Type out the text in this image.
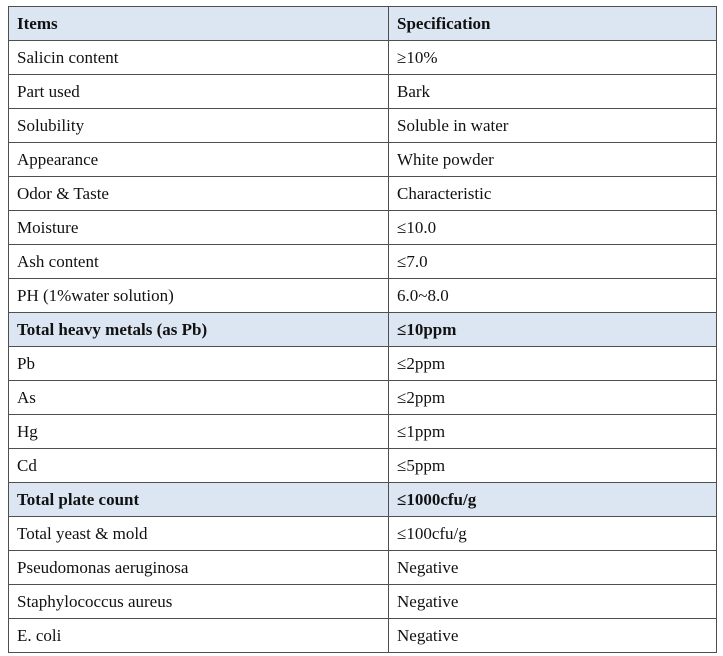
Items	Specification
Salicin content	≥10%
Part used	Bark
Solubility	Soluble in water
Appearance	White powder
Odor & Taste	Characteristic
Moisture	≤10.0
Ash content	≤7.0
PH (1%water solution)	6.0~8.0
Total heavy metals (as Pb)	≤10ppm
Pb	≤2ppm
As	≤2ppm
Hg	≤1ppm
Cd	≤5ppm
Total plate count	≤1000cfu/g
Total yeast & mold	≤100cfu/g
Pseudomonas aeruginosa	Negative
Staphylococcus aureus	Negative
E. coli	Negative
